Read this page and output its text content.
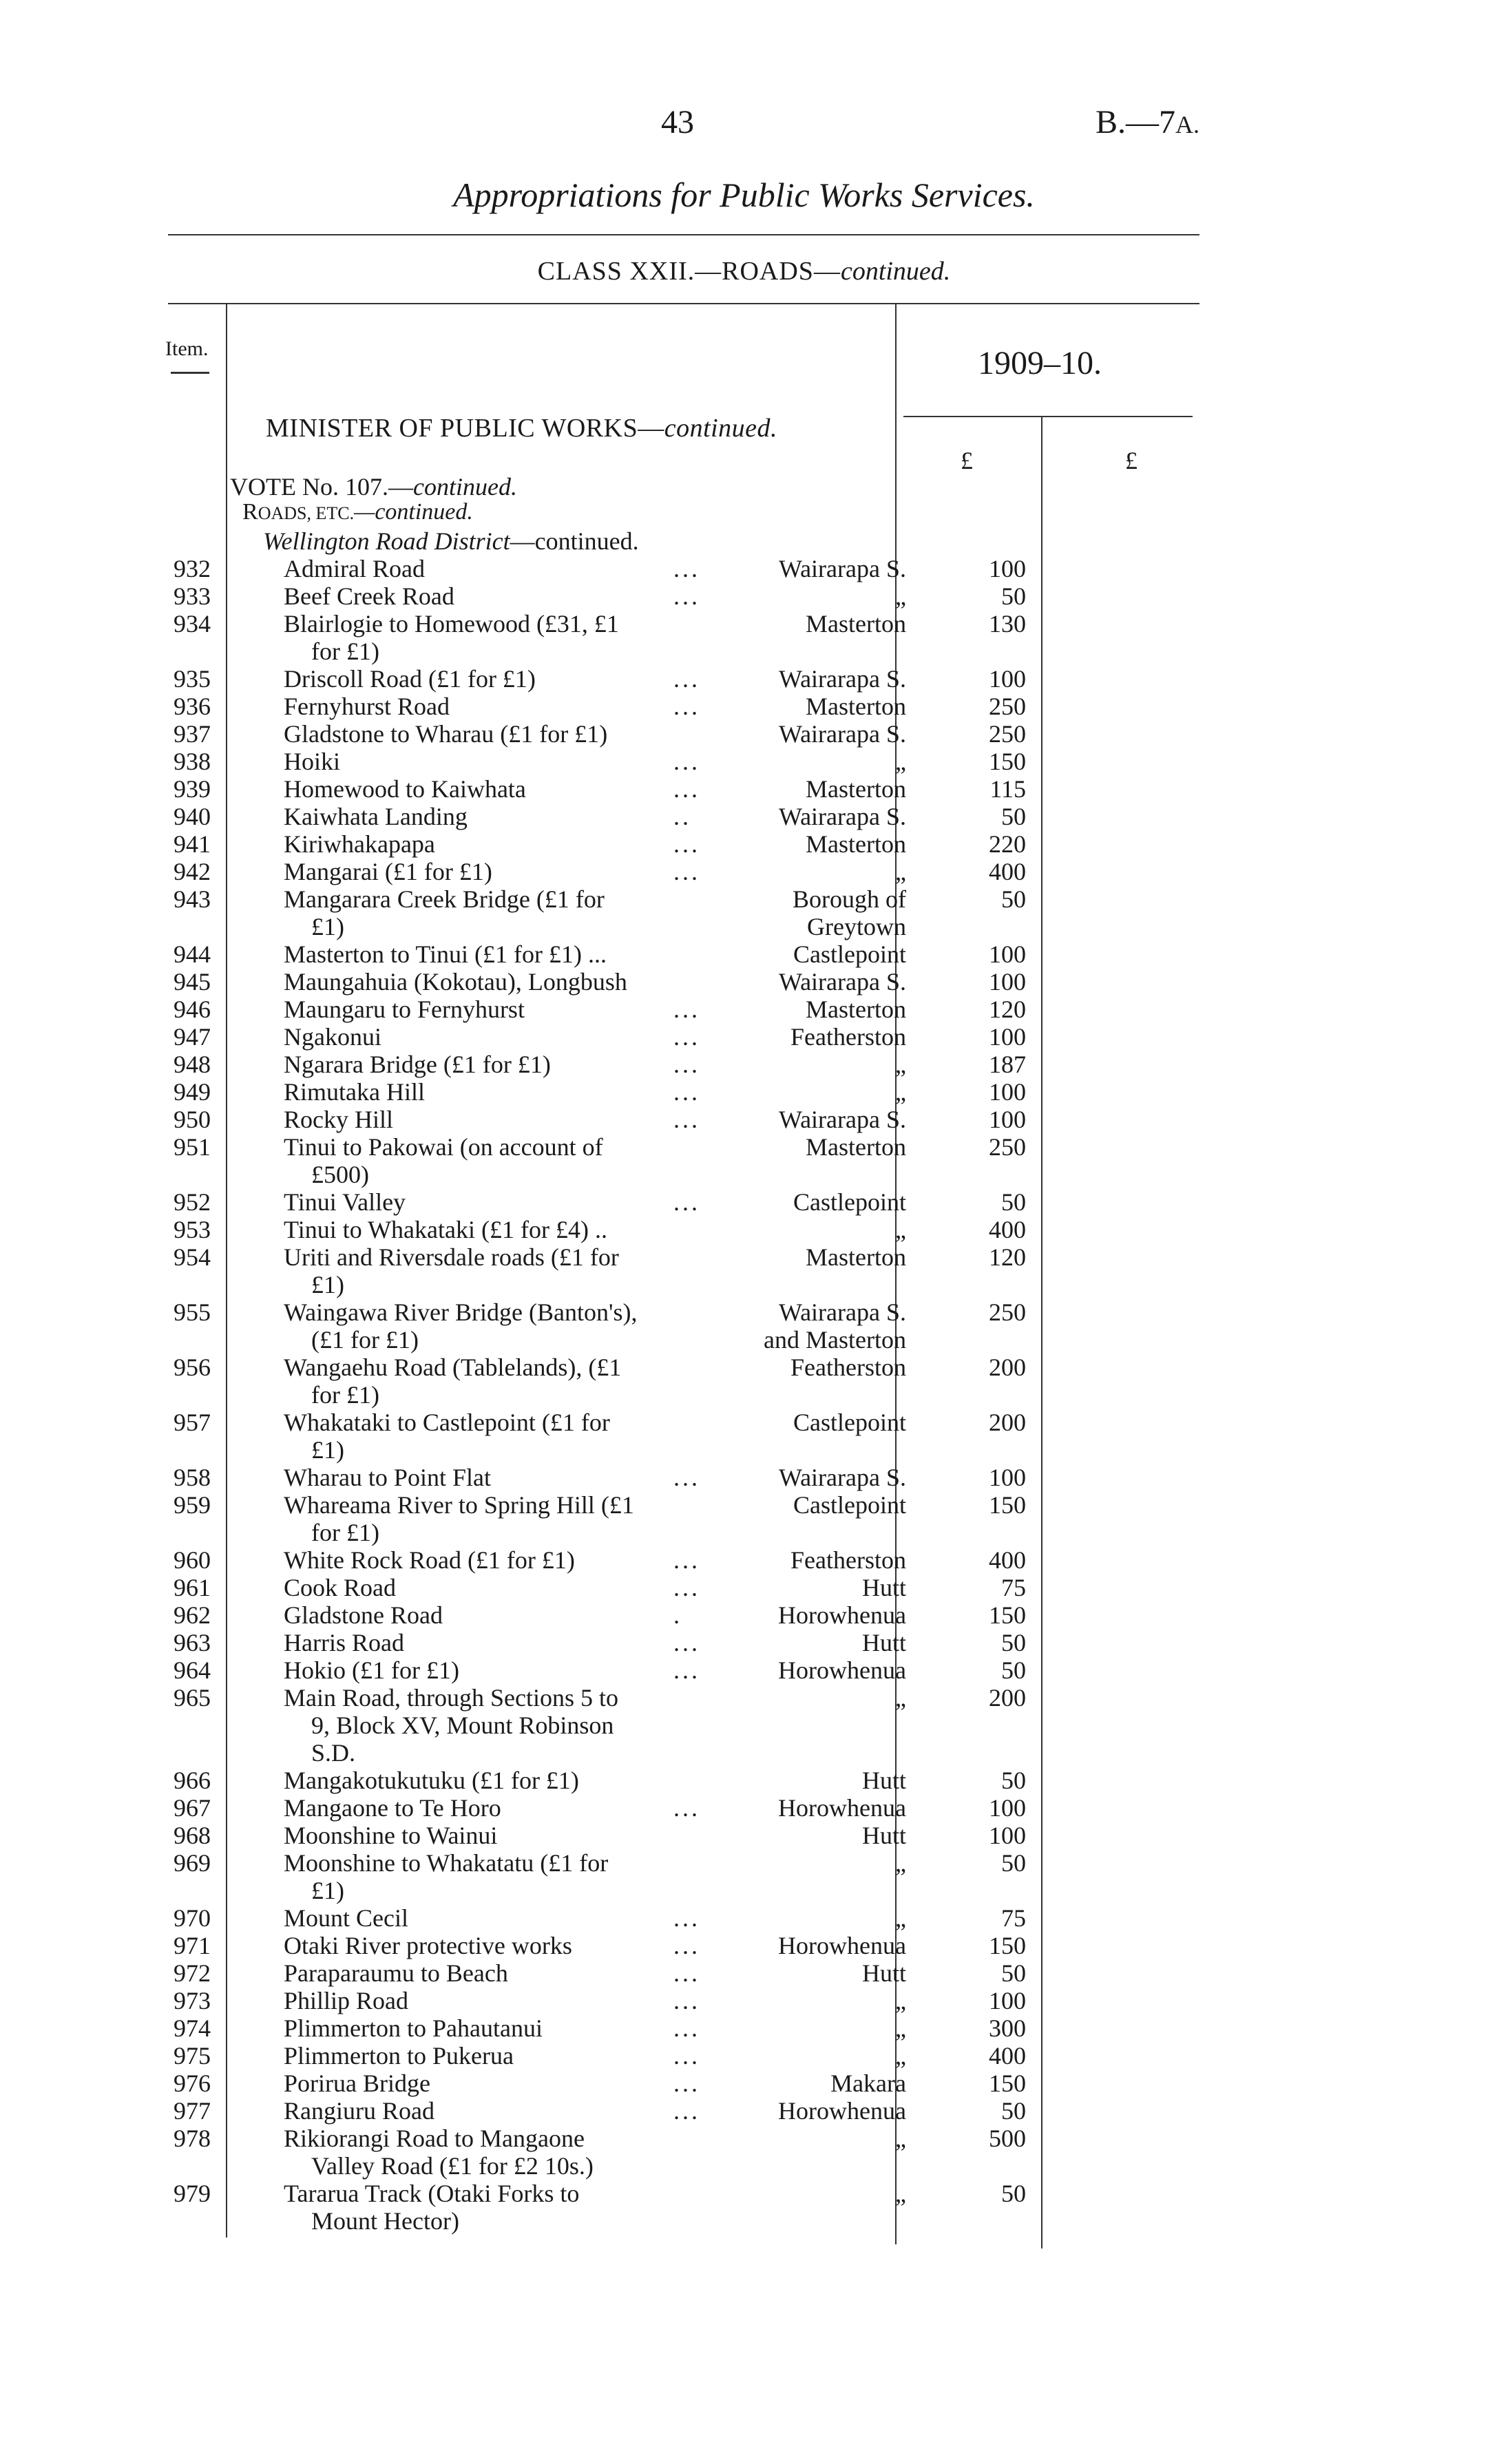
43	B.—7A.
Appropriations for Public Works Services.
CLASS XXII.—ROADS—continued.
Item.	1909–10.
£	£
MINISTER OF PUBLIC WORKS—continued.
VOTE No. 107.—continued.
ROADS, ETC.—continued.
Wellington Road District—continued.
932	Admiral Road	...	Wairarapa S.	100
933	Beef Creek Road	...	„	50
934	Blairlogie to Homewood (£31, £1	Masterton	130
for £1)
935	Driscoll Road (£1 for £1)	...	Wairarapa S.	100
936	Fernyhurst Road	...	Masterton	250
937	Gladstone to Wharau (£1 for £1)	Wairarapa S.	250
938	Hoiki	...	„	150
939	Homewood to Kaiwhata	...	Masterton	115
940	Kaiwhata Landing	..	Wairarapa S.	50
941	Kiriwhakapapa	...	Masterton	220
942	Mangarai (£1 for £1)	...	„	400
943	Mangarara Creek Bridge (£1 for	Borough of	50
£1)	Greytown
944	Masterton to Tinui (£1 for £1) ...	Castlepoint	100
945	Maungahuia (Kokotau), Longbush	Wairarapa S.	100
946	Maungaru to Fernyhurst	...	Masterton	120
947	Ngakonui	...	Featherston	100
948	Ngarara Bridge (£1 for £1)	...	„	187
949	Rimutaka Hill	...	„	100
950	Rocky Hill	...	Wairarapa S.	100
951	Tinui to Pakowai (on account of	Masterton	250
£500)
952	Tinui Valley	...	Castlepoint	50
953	Tinui to Whakataki (£1 for £4) ..	„	400
954	Uriti and Riversdale roads (£1 for	Masterton	120
£1)
955	Waingawa River Bridge (Banton's),	Wairarapa S.	250
(£1 for £1)	and Masterton
956	Wangaehu Road (Tablelands), (£1	Featherston	200
for £1)
957	Whakataki to Castlepoint (£1 for	Castlepoint	200
£1)
958	Wharau to Point Flat	...	Wairarapa S.	100
959	Whareama River to Spring Hill (£1	Castlepoint	150
for £1)
960	White Rock Road (£1 for £1)	...	Featherston	400
961	Cook Road	...	Hutt	75
962	Gladstone Road	.	Horowhenua	150
963	Harris Road	...	Hutt	50
964	Hokio (£1 for £1)	...	Horowhenua	50
965	Main Road, through Sections 5 to	„	200
9, Block XV, Mount Robinson
S.D.
966	Mangakotukutuku (£1 for £1)	Hutt	50
967	Mangaone to Te Horo	...	Horowhenua	100
968	Moonshine to Wainui	Hutt	100
969	Moonshine to Whakatatu (£1 for	„	50
£1)
970	Mount Cecil	...	„	75
971	Otaki River protective works	...	Horowhenua	150
972	Paraparaumu to Beach	...	Hutt	50
973	Phillip Road	...	„	100
974	Plimmerton to Pahautanui	...	„	300
975	Plimmerton to Pukerua	...	„	400
976	Porirua Bridge	...	Makara	150
977	Rangiuru Road	...	Horowhenua	50
978	Rikiorangi Road to Mangaone	„	500
Valley Road (£1 for £2 10s.)
979	Tararua Track (Otaki Forks to	„	50
Mount Hector)
